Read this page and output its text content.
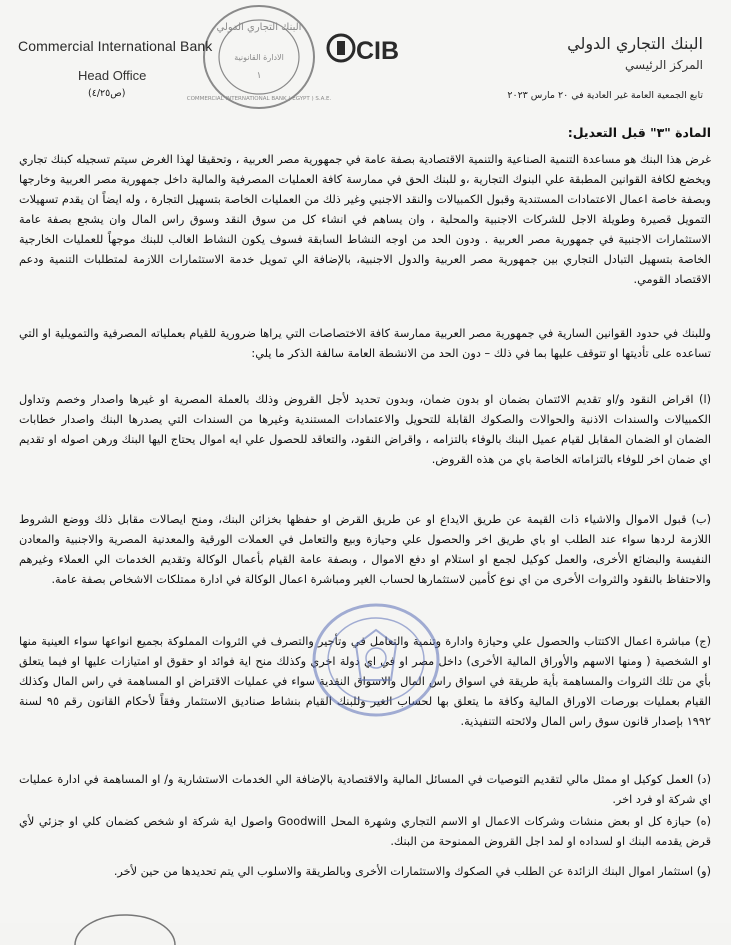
البنك التجاري الدولي
الادارة القانونية
١
COMMERCIAL INTERNATIONAL BANK ( EGYPT ) S.A.E.
Commercial International Bank
Head Office
(ص٤/٢٥)
CIB	البنك التجاري الدولي
المركز الرئيسي
تابع الجمعية العامة غير العادية في ٢٠ مارس ٢٠٢٣
المادة "٣" قبل التعديل:
غرض هذا البنك هو مساعدة التنمية الصناعية والتنمية الاقتصادية بصفة عامة في جمهورية مصر العربية ، وتحقيقا لهذا الغرض سيتم تسجيله كبنك تجاري ويخضع لكافة القوانين المطبقة علي البنوك التجارية ،و للبنك الحق في ممارسة كافة العمليات المصرفية والمالية داخل جمهورية مصر العربية وخارجها وبصفة خاصة اعمال الاعتمادات المستندية وقبول الكمبيالات والنقد الاجنبي وغير ذلك من العمليات الخاصة بتسهيل التجارة ، وله ايضاً ان يقدم تسهيلات التمويل قصيرة وطويلة الاجل للشركات الاجنبية والمحلية ، وان يساهم في انشاء كل من سوق النقد وسوق راس المال وان يشجع بصفة عامة الاستثمارات الاجنبية في جمهورية مصر العربية . ودون الحد من اوجه النشاط السابقة فسوف يكون النشاط الغالب للبنك موجهاً للعمليات الخارجية الخاصة بتسهيل التبادل التجاري بين جمهورية مصر العربية والدول الاجنبية، بالإضافة الي تمويل خدمة الاستثمارات اللازمة لمتطلبات التنمية ودعم الاقتصاد القومي.
وللبنك في حدود القوانين السارية في جمهورية مصر العربية ممارسة كافة الاختصاصات التي يراها ضرورية للقيام بعملياته المصرفية والتمويلية او التي تساعده على تأديتها او تتوقف عليها بما في ذلك – دون الحد من الانشطة العامة سالفة الذكر ما يلي:
(ا) اقراض النقود و/او تقديم الائتمان بضمان او بدون ضمان، وبدون تحديد لأجل القروض وذلك بالعملة المصرية او غيرها واصدار وخصم وتداول الكمبيالات والسندات الاذنية والحوالات والصكوك القابلة للتحويل والاعتمادات المستندية وغيرها من السندات التي يصدرها البنك واصدار خطابات الضمان او الضمان المقابل لقيام عميل البنك بالوفاء بالتزامه ، واقراض النقود، والتعاقد للحصول علي ايه اموال يحتاج اليها البنك ورهن اصوله او تقديم اي ضمان اخر للوفاء بالتزاماته الخاصة باي من هذه القروض.
(ب) قبول الاموال والاشياء ذات القيمة عن طريق الايداع او عن طريق القرض او حفظها بخزائن البنك، ومنح ايصالات مقابل ذلك ووضع الشروط اللازمة لردها سواء عند الطلب او باي طريق اخر والحصول علي وحيازة وبيع والتعامل في العملات الورقية والمعدنية المصرية والاجنبية والمعادن النفيسة والبضائع الأخرى، والعمل كوكيل لجمع او استلام او دفع الاموال ، وبصفة عامة القيام بأعمال الوكالة وتقديم الخدمات الي العملاء وغيرهم والاحتفاظ بالنقود والثروات الأخرى من اي نوع كأمين لاستثمارها لحساب الغير ومباشرة اعمال الوكالة في ادارة ممتلكات الاشخاص بصفة عامة.
(ج) مباشرة اعمال الاكتتاب والحصول علي وحيازة وادارة وتنمية والتعامل في وتأجير والتصرف في الثروات المملوكة بجميع انواعها سواء العينية منها او الشخصية ( ومنها الاسهم والأوراق المالية الأخرى) داخل مصر او في اي دولة اخري وكذلك منح اية فوائد او حقوق او امتيازات عليها او فيما يتعلق بأي من تلك الثروات والمساهمة بأية طريقة في اسواق راس المال والاسواق النقدية سواء في عمليات الاقتراض او المساهمة في راس المال وكذلك القيام بعمليات بورصات الاوراق المالية وكافة ما يتعلق بها لحساب الغير وللبنك القيام بنشاط صناديق الاستثمار وفقاً لأحكام القانون رقم ٩٥ لسنة ١٩٩٢ بإصدار قانون سوق راس المال ولائحته التنفيذية.
(د) العمل كوكيل او ممثل مالي لتقديم التوصيات في المسائل المالية والاقتصادية بالإضافة الي الخدمات الاستشارية و/ او المساهمة في ادارة عمليات اي شركة او فرد اخر.
(ه) حيازة كل او بعض منشات وشركات الاعمال او الاسم التجاري وشهرة المحل Goodwill واصول اية شركة او شخص كضمان كلي او جزئي لأي قرض يقدمه البنك او لسداده او لمد اجل القروض الممنوحة من البنك.
(و) استثمار اموال البنك الزائدة عن الطلب في الصكوك والاستثمارات الأخرى وبالطريقة والاسلوب الي يتم تحديدها من حين لأخر.
